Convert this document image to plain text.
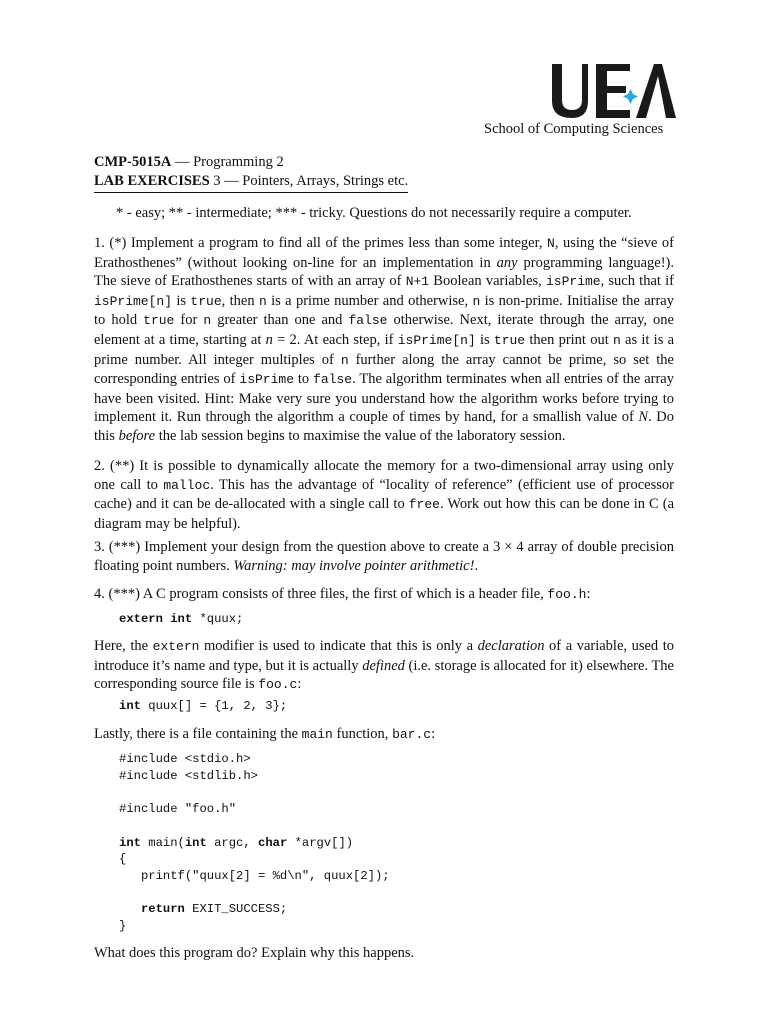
School of Computing Sciences
CMP-5015A — Programming 2
LAB EXERCISES 3 — Pointers, Arrays, Strings etc.
* - easy; ** - intermediate; *** - tricky. Questions do not necessarily require a computer.
1. (*) Implement a program to find all of the primes less than some integer, N, using the “sieve of Erathosthenes” (without looking on-line for an implementation in any programming language!). The sieve of Erathosthenes starts of with an array of N+1 Boolean variables, isPrime, such that if isPrime[n] is true, then n is a prime number and otherwise, n is non-prime. Initialise the array to hold true for n greater than one and false otherwise. Next, iterate through the array, one element at a time, starting at n = 2. At each step, if isPrime[n] is true then print out n as it is a prime number. All integer multiples of n further along the array cannot be prime, so set the corresponding entries of isPrime to false. The algorithm terminates when all entries of the array have been visited. Hint: Make very sure you understand how the algorithm works before trying to implement it. Run through the algorithm a couple of times by hand, for a smallish value of N. Do this before the lab session begins to maximise the value of the laboratory session.
2. (**) It is possible to dynamically allocate the memory for a two-dimensional array using only one call to malloc. This has the advantage of “locality of reference” (efficient use of processor cache) and it can be de-allocated with a single call to free. Work out how this can be done in C (a diagram may be helpful).
3. (***) Implement your design from the question above to create a 3 × 4 array of double precision floating point numbers. Warning: may involve pointer arithmetic!.
4. (***) A C program consists of three files, the first of which is a header file, foo.h:
extern int *quux;
Here, the extern modifier is used to indicate that this is only a declaration of a variable, used to introduce it’s name and type, but it is actually defined (i.e. storage is allocated for it) elsewhere. The corresponding source file is foo.c:
int quux[] = {1, 2, 3};
Lastly, there is a file containing the main function, bar.c:
#include <stdio.h>
#include <stdlib.h>

#include "foo.h"

int main(int argc, char *argv[])
{
printf("quux[2] = %d\n", quux[2]);

return EXIT_SUCCESS;
}
What does this program do? Explain why this happens.
